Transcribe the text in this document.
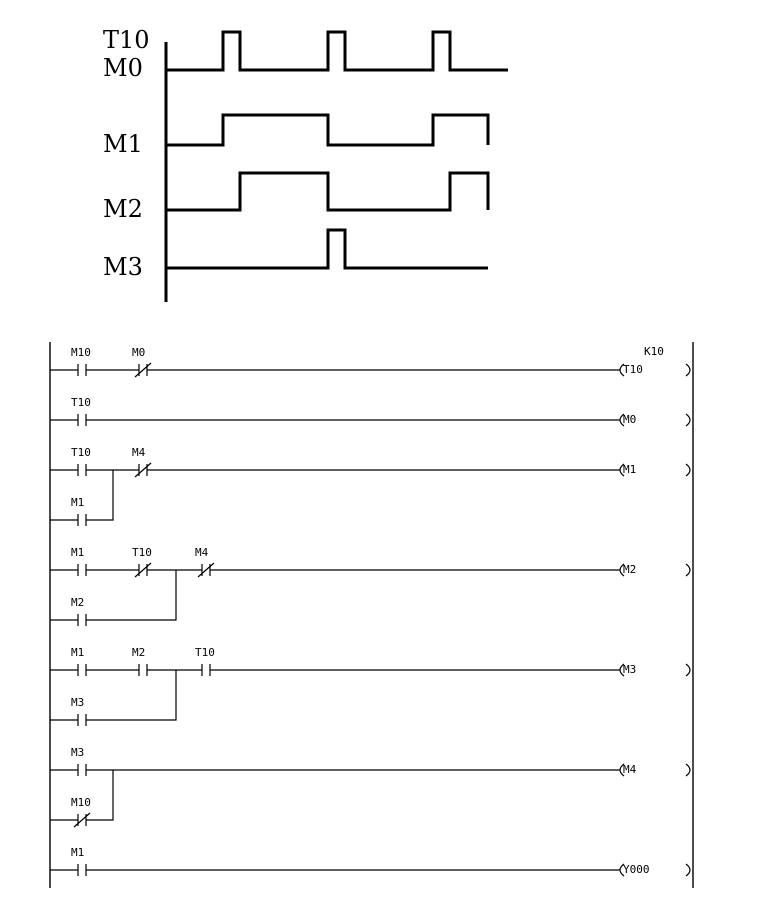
T10
M0
M1
M2
M3
M10	M0
T10
K10
T10
M0
T10	M4
M1
M1
M1	T10	M4
M2
M2
M1	M2	T10
M3
M3
M3
M10
M4
M1
Y000
